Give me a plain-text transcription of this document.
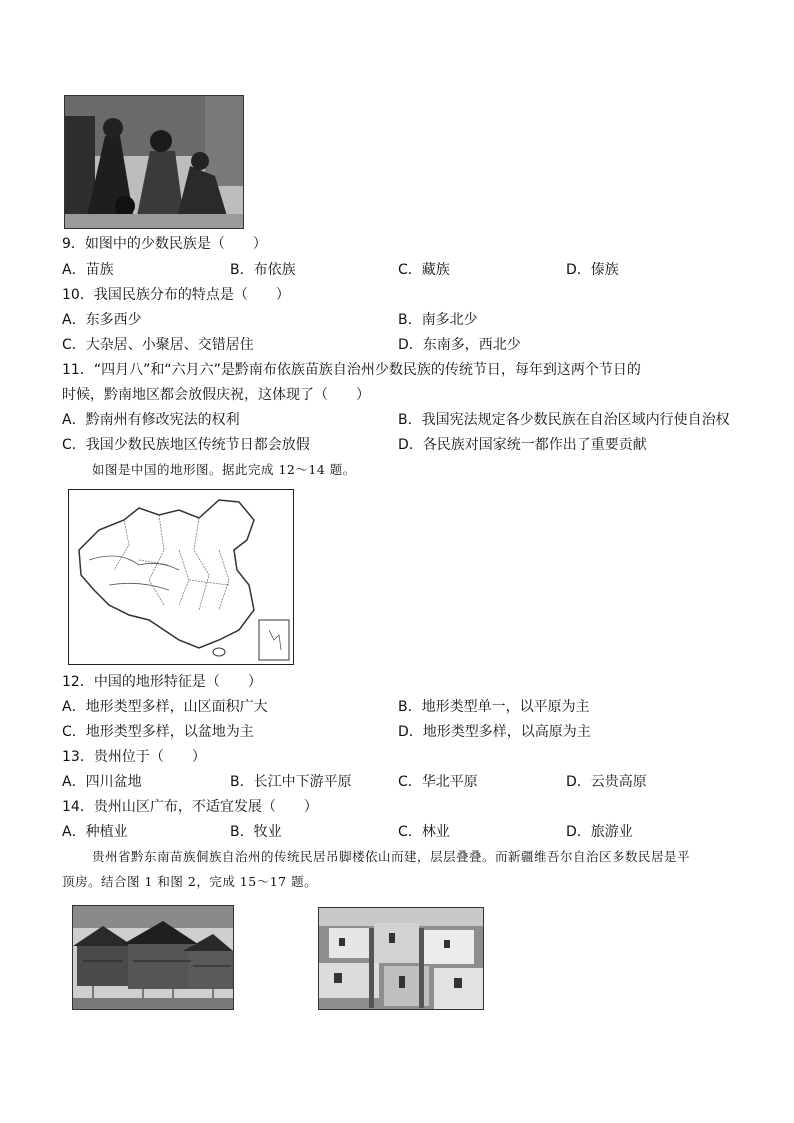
9．如图中的少数民族是（　　）
A．苗族	B．布依族	C．藏族	D．傣族
10．我国民族分布的特点是（　　）
A．东多西少	B．南多北少
C．大杂居、小聚居、交错居住	D．东南多，西北少
11．“四月八”和“六月六”是黔南布依族苗族自治州少数民族的传统节日，每年到这两个节日的
时候，黔南地区都会放假庆祝，这体现了（　　）
A．黔南州有修改宪法的权利	B．我国宪法规定各少数民族在自治区域内行使自治权
C．我国少数民族地区传统节日都会放假	D．各民族对国家统一都作出了重要贡献
如图是中国的地形图。据此完成 12～14 题。
12．中国的地形特征是（　　）
A．地形类型多样，山区面积广大	B．地形类型单一，以平原为主
C．地形类型多样，以盆地为主	D．地形类型多样，以高原为主
13．贵州位于（　　）
A．四川盆地	B．长江中下游平原	C．华北平原	D．云贵高原
14．贵州山区广布，不适宜发展（　　）
A．种植业	B．牧业	C．林业	D．旅游业
贵州省黔东南苗族侗族自治州的传统民居吊脚楼依山而建，层层叠叠。而新疆维吾尔自治区多数民居是平
顶房。结合图 1 和图 2，完成 15～17 题。
